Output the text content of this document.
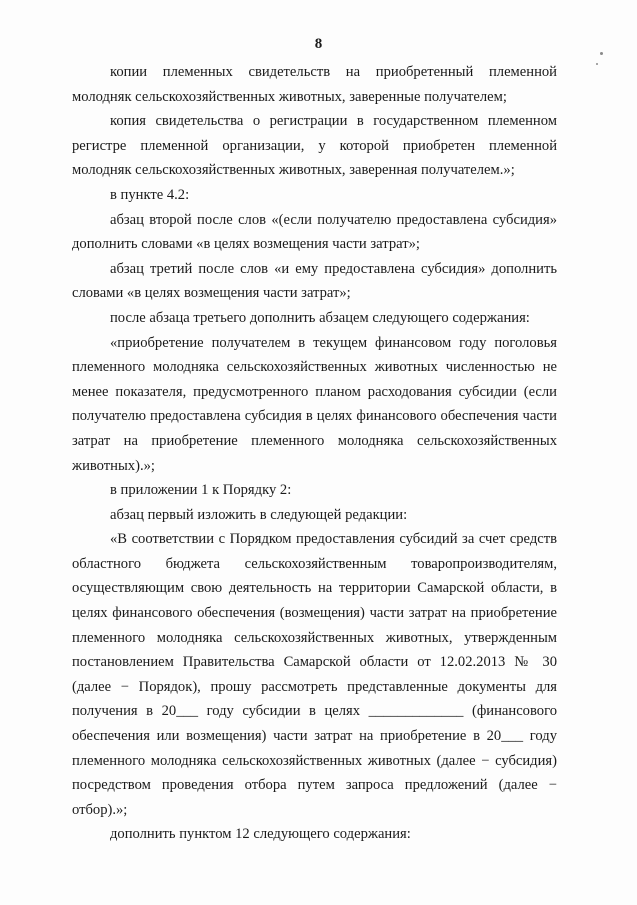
8

копии племенных свидетельств на приобретенный племенной молодняк сельскохозяйственных животных, заверенные получателем;

копия свидетельства о регистрации в государственном племенном регистре племенной организации, у которой приобретен племенной молодняк сельскохозяйственных животных, заверенная получателем.»;

в пункте 4.2:

абзац второй после слов «(если получателю предоставлена субсидия» дополнить словами «в целях возмещения части затрат»;

абзац третий после слов «и ему предоставлена субсидия» дополнить словами «в целях возмещения части затрат»;

после абзаца третьего дополнить абзацем следующего содержания:

«приобретение получателем в текущем финансовом году поголовья племенного молодняка сельскохозяйственных животных численностью не менее показателя, предусмотренного планом расходования субсидии (если получателю предоставлена субсидия в целях финансового обеспечения части затрат на приобретение племенного молодняка сельскохозяйственных животных).»;

в приложении 1 к Порядку 2:

абзац первый изложить в следующей редакции:

«В соответствии с Порядком предоставления субсидий за счет средств областного бюджета сельскохозяйственным товаропроизводителям, осуществляющим свою деятельность на территории Самарской области, в целях финансового обеспечения (возмещения) части затрат на приобретение племенного молодняка сельскохозяйственных животных, утвержденным постановлением Правительства Самарской области от 12.02.2013 № 30 (далее − Порядок), прошу рассмотреть представленные документы для получения в 20___ году субсидии в целях _____________ (финансового обеспечения или возмещения) части затрат на приобретение в 20___ году племенного молодняка сельскохозяйственных животных (далее − субсидия) посредством проведения отбора путем запроса предложений (далее − отбор).»;

дополнить пунктом 12 следующего содержания:
